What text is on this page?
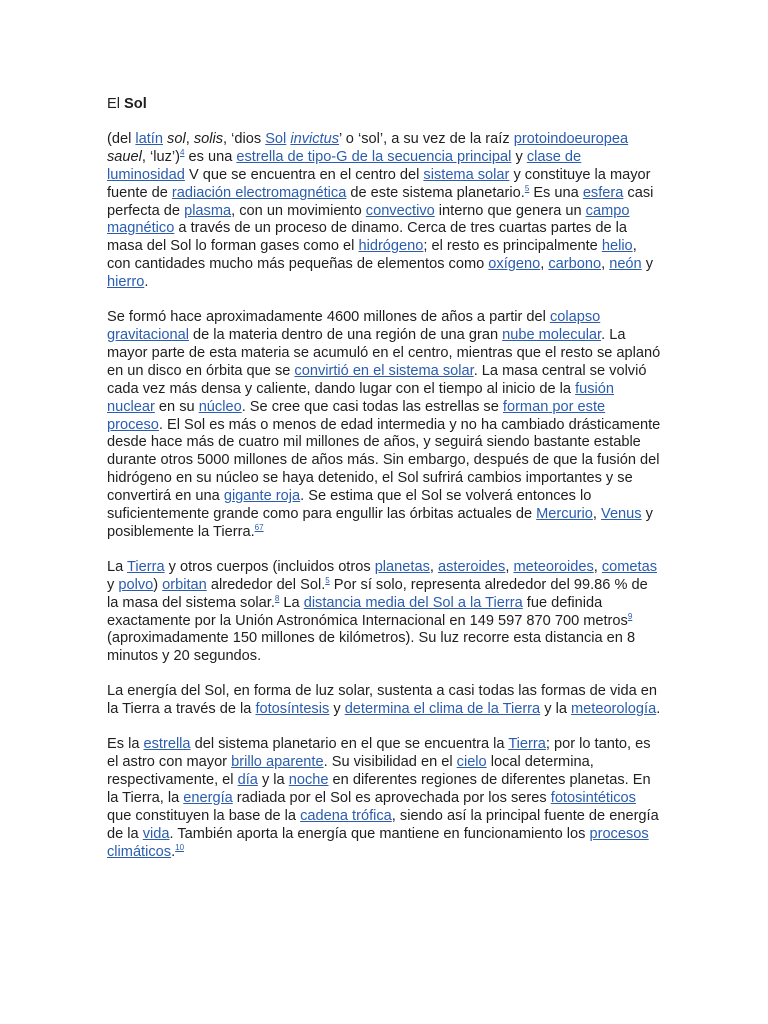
El Sol

(del latín sol, solis, ‘dios Sol invictus’ o ‘sol’, a su vez de la raíz protoindoeuropea sauel, ‘luz’)$^4$ es una estrella de tipo-G de la secuencia principal y clase de luminosidad V que se encuentra en el centro del sistema solar y constituye la mayor fuente de radiación electromagnética de este sistema planetario.$^5$ Es una esfera casi perfecta de plasma, con un movimiento convectivo interno que genera un campo magnético a través de un proceso de dinamo. Cerca de tres cuartas partes de la masa del Sol lo forman gases como el hidrógeno; el resto es principalmente helio, con cantidades mucho más pequeñas de elementos como oxígeno, carbono, neón y hierro.

Se formó hace aproximadamente 4600 millones de años a partir del colapso gravitacional de la materia dentro de una región de una gran nube molecular. La mayor parte de esta materia se acumuló en el centro, mientras que el resto se aplanó en un disco en órbita que se convirtió en el sistema solar. La masa central se volvió cada vez más densa y caliente, dando lugar con el tiempo al inicio de la fusión nuclear en su núcleo. Se cree que casi todas las estrellas se forman por este proceso. El Sol es más o menos de edad intermedia y no ha cambiado drásticamente desde hace más de cuatro mil millones de años, y seguirá siendo bastante estable durante otros 5000 millones de años más. Sin embargo, después de que la fusión del hidrógeno en su núcleo se haya detenido, el Sol sufrirá cambios importantes y se convertirá en una gigante roja. Se estima que el Sol se volverá entonces lo suficientemente grande como para engullir las órbitas actuales de Mercurio, Venus y posiblemente la Tierra.$^{67}$

La Tierra y otros cuerpos (incluidos otros planetas, asteroides, meteoroides, cometas y polvo) orbitan alrededor del Sol.$^5$ Por sí solo, representa alrededor del 99.86 % de la masa del sistema solar.$^8$ La distancia media del Sol a la Tierra fue definida exactamente por la Unión Astronómica Internacional en 149 597 870 700 metros$^9$ (aproximadamente 150 millones de kilómetros). Su luz recorre esta distancia en 8 minutos y 20 segundos.

La energía del Sol, en forma de luz solar, sustenta a casi todas las formas de vida en la Tierra a través de la fotosíntesis y determina el clima de la Tierra y la meteorología.

Es la estrella del sistema planetario en el que se encuentra la Tierra; por lo tanto, es el astro con mayor brillo aparente. Su visibilidad en el cielo local determina, respectivamente, el día y la noche en diferentes regiones de diferentes planetas. En la Tierra, la energía radiada por el Sol es aprovechada por los seres fotosintéticos que constituyen la base de la cadena trófica, siendo así la principal fuente de energía de la vida. También aporta la energía que mantiene en funcionamiento los procesos climáticos.$^{10}$
